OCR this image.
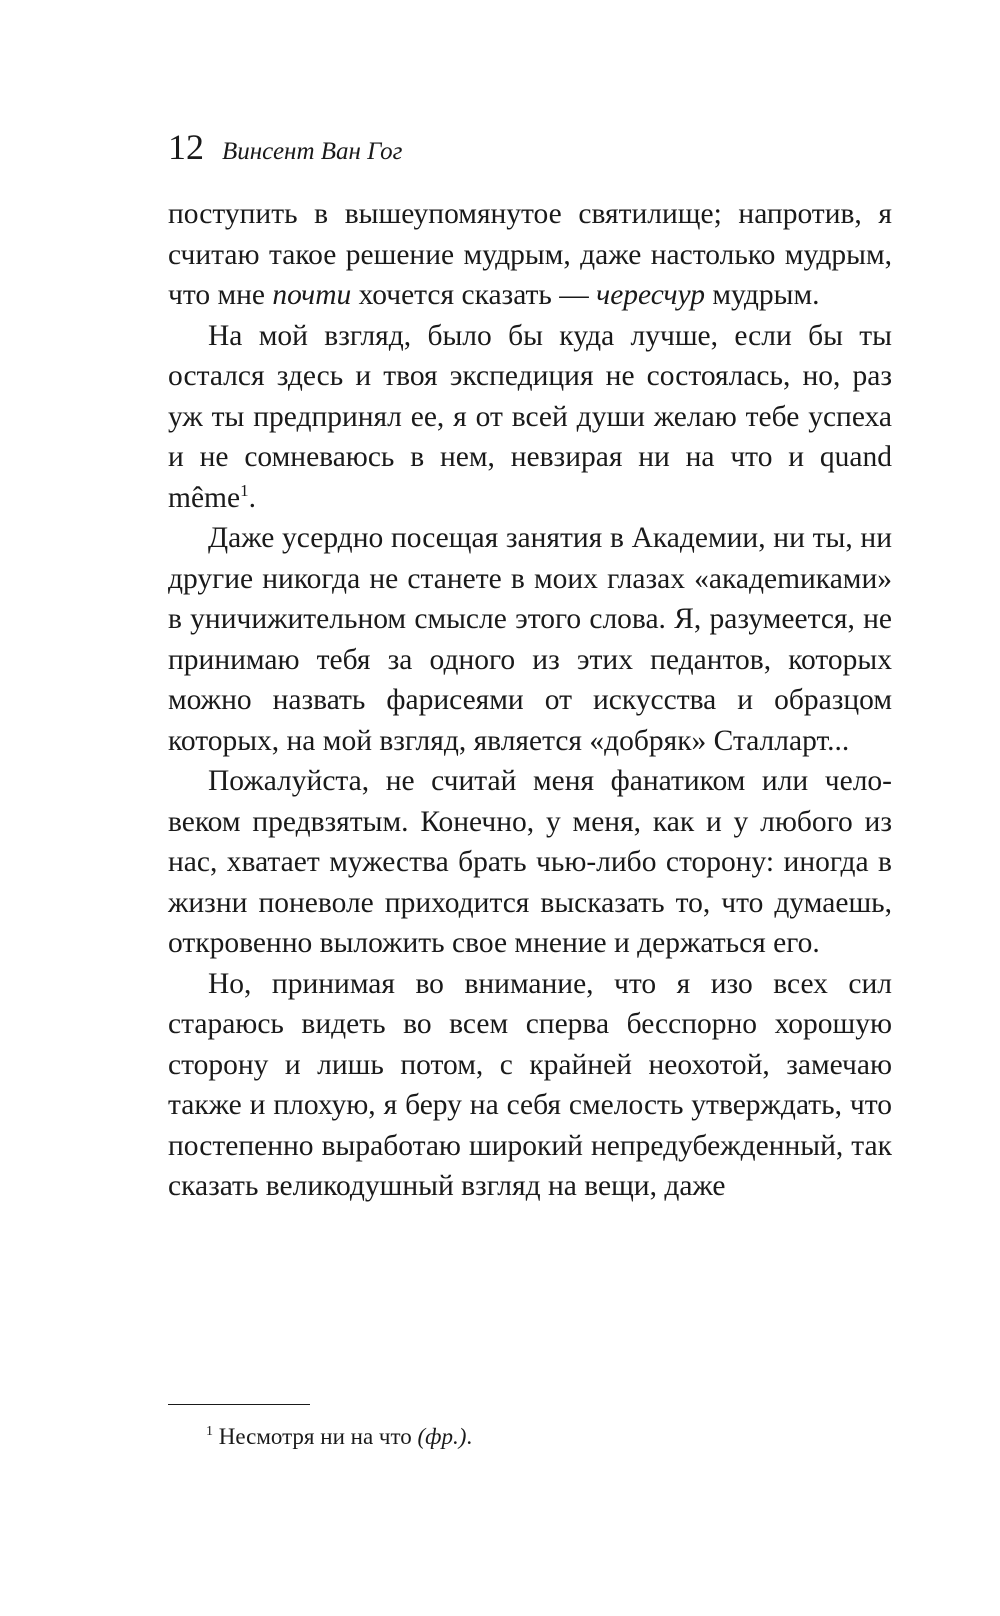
12 Винсент Ван Гог

поступить в вышеупомянутое святилище; напротив, я считаю такое решение мудрым, даже настолько мудрым, что мне почти хочется сказать — чересчур мудрым.

На мой взгляд, было бы куда лучше, если бы ты остался здесь и твоя экспедиция не состоялась, но, раз уж ты предпринял ее, я от всей души желаю тебе успеха и не сомневаюсь в нем, невзирая ни на что и quand même$^1$.

Даже усердно посещая занятия в Академии, ни ты, ни другие никогда не станете в моих глазах «акадеmиками» в уничижительном смысле этого слова. Я, разумеется, не принимаю тебя за одного из этих педантов, которых можно назвать фарисеями от искусства и образцом которых, на мой взгляд, является «добряк» Сталларт...

Пожалуйста, не считай меня фанатиком или человеком предвзятым. Конечно, у меня, как и у любого из нас, хватает мужества брать чью-либо сторону: иногда в жизни поневоле приходится высказать то, что думаешь, откровенно выложить свое мнение и держаться его.

Но, принимая во внимание, что я изо всех сил стараюсь видеть во всем сперва бесспорно хорошую сторону и лишь потом, с крайней неохотой, замечаю также и плохую, я беру на себя смелость утверждать, что постепенно выработаю широкий непредубежденный, так сказать великодушный взгляд на вещи, даже

$^1$ Несмотря ни на что (фр.).
